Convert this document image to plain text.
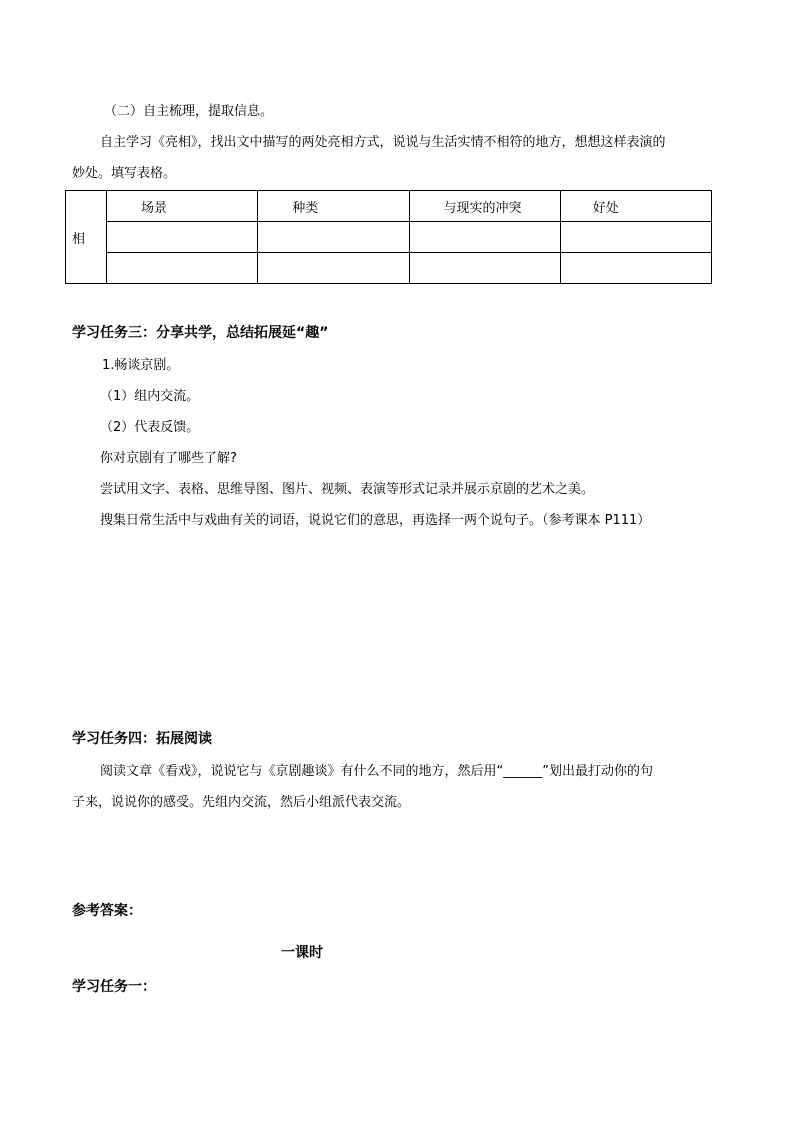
（二）自主梳理，提取信息。
自主学习《亮相》，找出文中描写的两处亮相方式，说说与生活实情不相符的地方，想想这样表演的
妙处。填写表格。
相	场景	种类	与现实的冲突	好处

学习任务三：分享共学，总结拓展延“趣”
1.畅谈京剧。
（1）组内交流。
（2）代表反馈。
你对京剧有了哪些了解?
尝试用文字、表格、思维导图、图片、视频、表演等形式记录并展示京剧的艺术之美。
搜集日常生活中与戏曲有关的词语，说说它们的意思，再选择一两个说句子。（参考课本 P111）
学习任务四：拓展阅读
阅读文章《看戏》，说说它与《京剧趣谈》有什么不同的地方，然后用“______”划出最打动你的句
子来，说说你的感受。先组内交流，然后小组派代表交流。
参考答案：
一课时
学习任务一：
